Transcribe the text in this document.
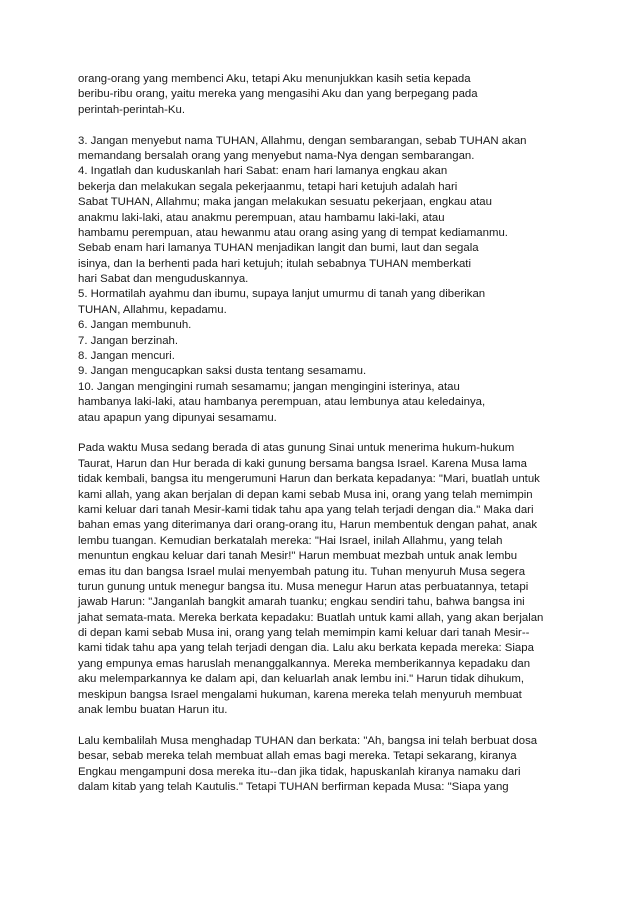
orang-orang yang membenci Aku, tetapi Aku menunjukkan kasih setia kepada
beribu-ribu orang, yaitu mereka yang mengasihi Aku dan yang berpegang pada
perintah-perintah-Ku.
3. Jangan menyebut nama TUHAN, Allahmu, dengan sembarangan, sebab TUHAN akan
memandang bersalah orang yang menyebut nama-Nya dengan sembarangan.
4. Ingatlah dan kuduskanlah hari Sabat: enam hari lamanya engkau akan
bekerja dan melakukan segala pekerjaanmu, tetapi hari ketujuh adalah hari
Sabat TUHAN, Allahmu; maka jangan melakukan sesuatu pekerjaan, engkau atau
anakmu laki-laki, atau anakmu perempuan, atau hambamu laki-laki, atau
hambamu perempuan, atau hewanmu atau orang asing yang di tempat kediamanmu.
Sebab enam hari lamanya TUHAN menjadikan langit dan bumi, laut dan segala
isinya, dan Ia berhenti pada hari ketujuh; itulah sebabnya TUHAN memberkati
hari Sabat dan menguduskannya.
5. Hormatilah ayahmu dan ibumu, supaya lanjut umurmu di tanah yang diberikan
TUHAN, Allahmu, kepadamu.
6. Jangan membunuh.
7. Jangan berzinah.
8. Jangan mencuri.
9. Jangan mengucapkan saksi dusta tentang sesamamu.
10. Jangan mengingini rumah sesamamu; jangan mengingini isterinya, atau
hambanya laki-laki, atau hambanya perempuan, atau lembunya atau keledainya,
atau apapun yang dipunyai sesamamu.
Pada waktu Musa sedang berada di atas gunung Sinai untuk menerima hukum-hukum
Taurat, Harun dan Hur berada di kaki gunung bersama bangsa Israel. Karena Musa lama
tidak kembali, bangsa itu mengerumuni Harun dan berkata kepadanya: "Mari, buatlah untuk
kami allah, yang akan berjalan di depan kami sebab Musa ini, orang yang telah memimpin
kami keluar dari tanah Mesir-kami tidak tahu apa yang telah terjadi dengan dia." Maka dari
bahan emas yang diterimanya dari orang-orang itu, Harun membentuk dengan pahat, anak
lembu tuangan. Kemudian berkatalah mereka: "Hai Israel, inilah Allahmu, yang telah
menuntun engkau keluar dari tanah Mesir!" Harun membuat mezbah untuk anak lembu
emas itu dan bangsa Israel mulai menyembah patung itu. Tuhan menyuruh Musa segera
turun gunung untuk menegur bangsa itu. Musa menegur Harun atas perbuatannya, tetapi
jawab Harun: "Janganlah bangkit amarah tuanku; engkau sendiri tahu, bahwa bangsa ini
jahat semata-mata. Mereka berkata kepadaku: Buatlah untuk kami allah, yang akan berjalan
di depan kami sebab Musa ini, orang yang telah memimpin kami keluar dari tanah Mesir--
kami tidak tahu apa yang telah terjadi dengan dia. Lalu aku berkata kepada mereka: Siapa
yang empunya emas haruslah menanggalkannya. Mereka memberikannya kepadaku dan
aku melemparkannya ke dalam api, dan keluarlah anak lembu ini." Harun tidak dihukum,
meskipun bangsa Israel mengalami hukuman, karena mereka telah menyuruh membuat
anak lembu buatan Harun itu.
Lalu kembalilah Musa menghadap TUHAN dan berkata: "Ah, bangsa ini telah berbuat dosa
besar, sebab mereka telah membuat allah emas bagi mereka. Tetapi sekarang, kiranya
Engkau mengampuni dosa mereka itu--dan jika tidak, hapuskanlah kiranya namaku dari
dalam kitab yang telah Kautulis." Tetapi TUHAN berfirman kepada Musa: "Siapa yang
